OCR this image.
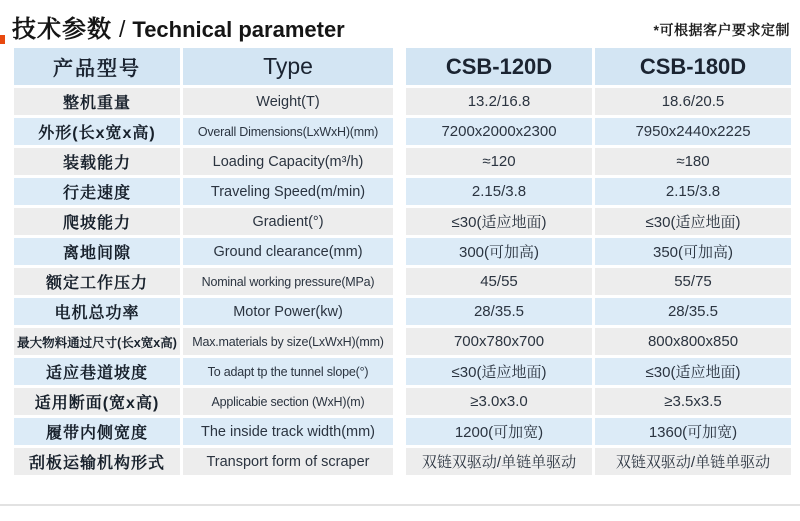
技术参数 / Technical parameter	*可根据客户要求定制
产品型号	Type	CSB-120D	CSB-180D
整机重量	Weight(T)	13.2/16.8	18.6/20.5
外形(长x宽x高)	Overall Dimensions(LxWxH)(mm)	7200x2000x2300	7950x2440x2225
装载能力	Loading Capacity(m³/h)	≈120	≈180
行走速度	Traveling Speed(m/min)	2.15/3.8	2.15/3.8
爬坡能力	Gradient(°)	≤30(适应地面)	≤30(适应地面)
离地间隙	Ground clearance(mm)	300(可加高)	350(可加高)
额定工作压力	Nominal working pressure(MPa)	45/55	55/75
电机总功率	Motor Power(kw)	28/35.5	28/35.5
最大物料通过尺寸(长x宽x高)	Max.materials by size(LxWxH)(mm)	700x780x700	800x800x850
适应巷道坡度	To adapt tp the tunnel slope(°)	≤30(适应地面)	≤30(适应地面)
适用断面(宽x高)	Applicabie section (WxH)(m)	≥3.0x3.0	≥3.5x3.5
履带内侧宽度	The inside track width(mm)	1200(可加宽)	1360(可加宽)
刮板运输机构形式	Transport form of scraper	双链双驱动/单链单驱动	双链双驱动/单链单驱动
